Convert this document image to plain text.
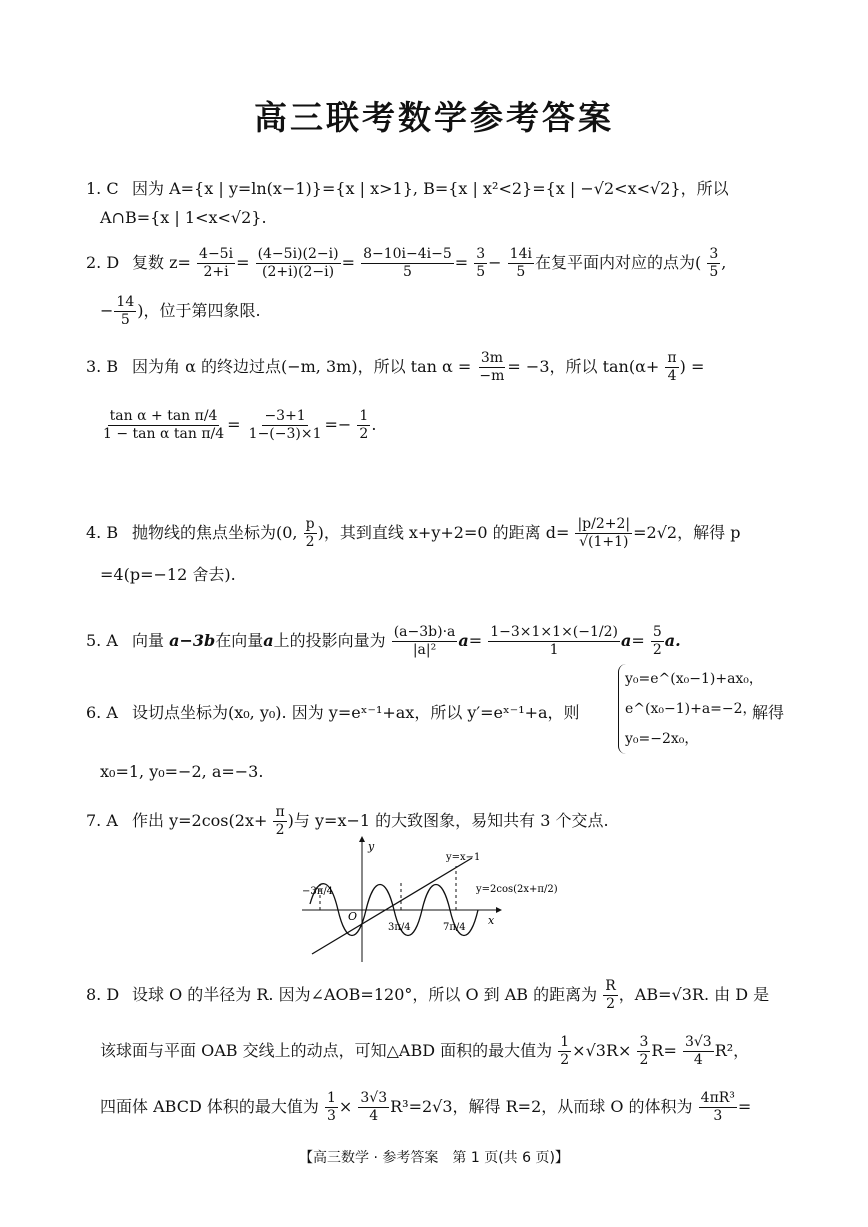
高三联考数学参考答案
1. C 因为 A={x | y=ln(x−1)}={x | x>1}, B={x | x²<2}={x | −√2<x<√2}，所以
A∩B={x | 1<x<√2}.
2. D 复数 $z= \frac{4-5i}{2+i} = \frac{(4-5i)(2-i)}{(2+i)(2-i)} = \frac{8-10i-4i-5}{5} = \frac{3}{5} - \frac{14i}{5}$ 在复平面内对应的点为( $\frac{3}{5}$ ,
− $\frac{14}{5}$ )，位于第四象限.
3. B 因为角 α 的终边过点(−m, 3m)，所以 $\tan \alpha = \frac{3m}{-m} = -3$，所以 $\tan(\alpha+ \frac{\pi}{4}$ ) =
$\frac{\text{tan α + tan π/4}}{\text{1 − tan α tan π/4}} = \frac{-3+1}{1-(-3)\times 1} =- \frac{1}{2}$ .
4. B 抛物线的焦点坐标为(0, $\frac{p}{2}$ )，其到直线 x+y+2=0 的距离 $d= \frac{|p/2+2|}{√(1+1)} =2√2$，解得 p
=4(p=−12 舍去).
5. A 向量 a−3b在向量a上的投影向量为 $\frac{(a-3b)\cdot a}{\text{|a|²}} a= \frac{1-3\times 1\times 1\times(-1/2)}{1} a= \frac{5}{2} a$.
6. A 设切点坐标为(x₀, y₀). 因为 y=eˣ⁻¹+ax，所以 y′=eˣ⁻¹+a，则
y₀=e^(x₀−1)+ax₀，
e^(x₀−1)+a=−2，
y₀=−2x₀，
解得
x₀=1, y₀=−2, a=−3.
7. A 作出 $y=2\cos(2x+ \frac{\pi}{2}$ )与 y=x−1 的大致图象，易知共有 3 个交点.
y
x
O
y=x−1
y=2cos(2x+π/2)
−3π/4
3π/4	7π/4
8. D 设球 O 的半径为 R. 因为∠AOB=120°，所以 O 到 AB 的距离为 $\frac{R}{2}$ ，AB=√3R. 由 D 是
该球面与平面 OAB 交线上的动点，可知△ABD 面积的最大值为 $\frac{1}{2} \times√3R\times \frac{3}{2} R= \frac{3√3}{4} R^2$，
四面体 ABCD 体积的最大值为 $\frac{1}{3} \times \frac{3√3}{4} R^3=2√3$，解得 R=2，从而球 O 的体积为 $\frac{\text{4πR³}}{3}$ =
【高三数学 · 参考答案　第 1 页(共 6 页)】
